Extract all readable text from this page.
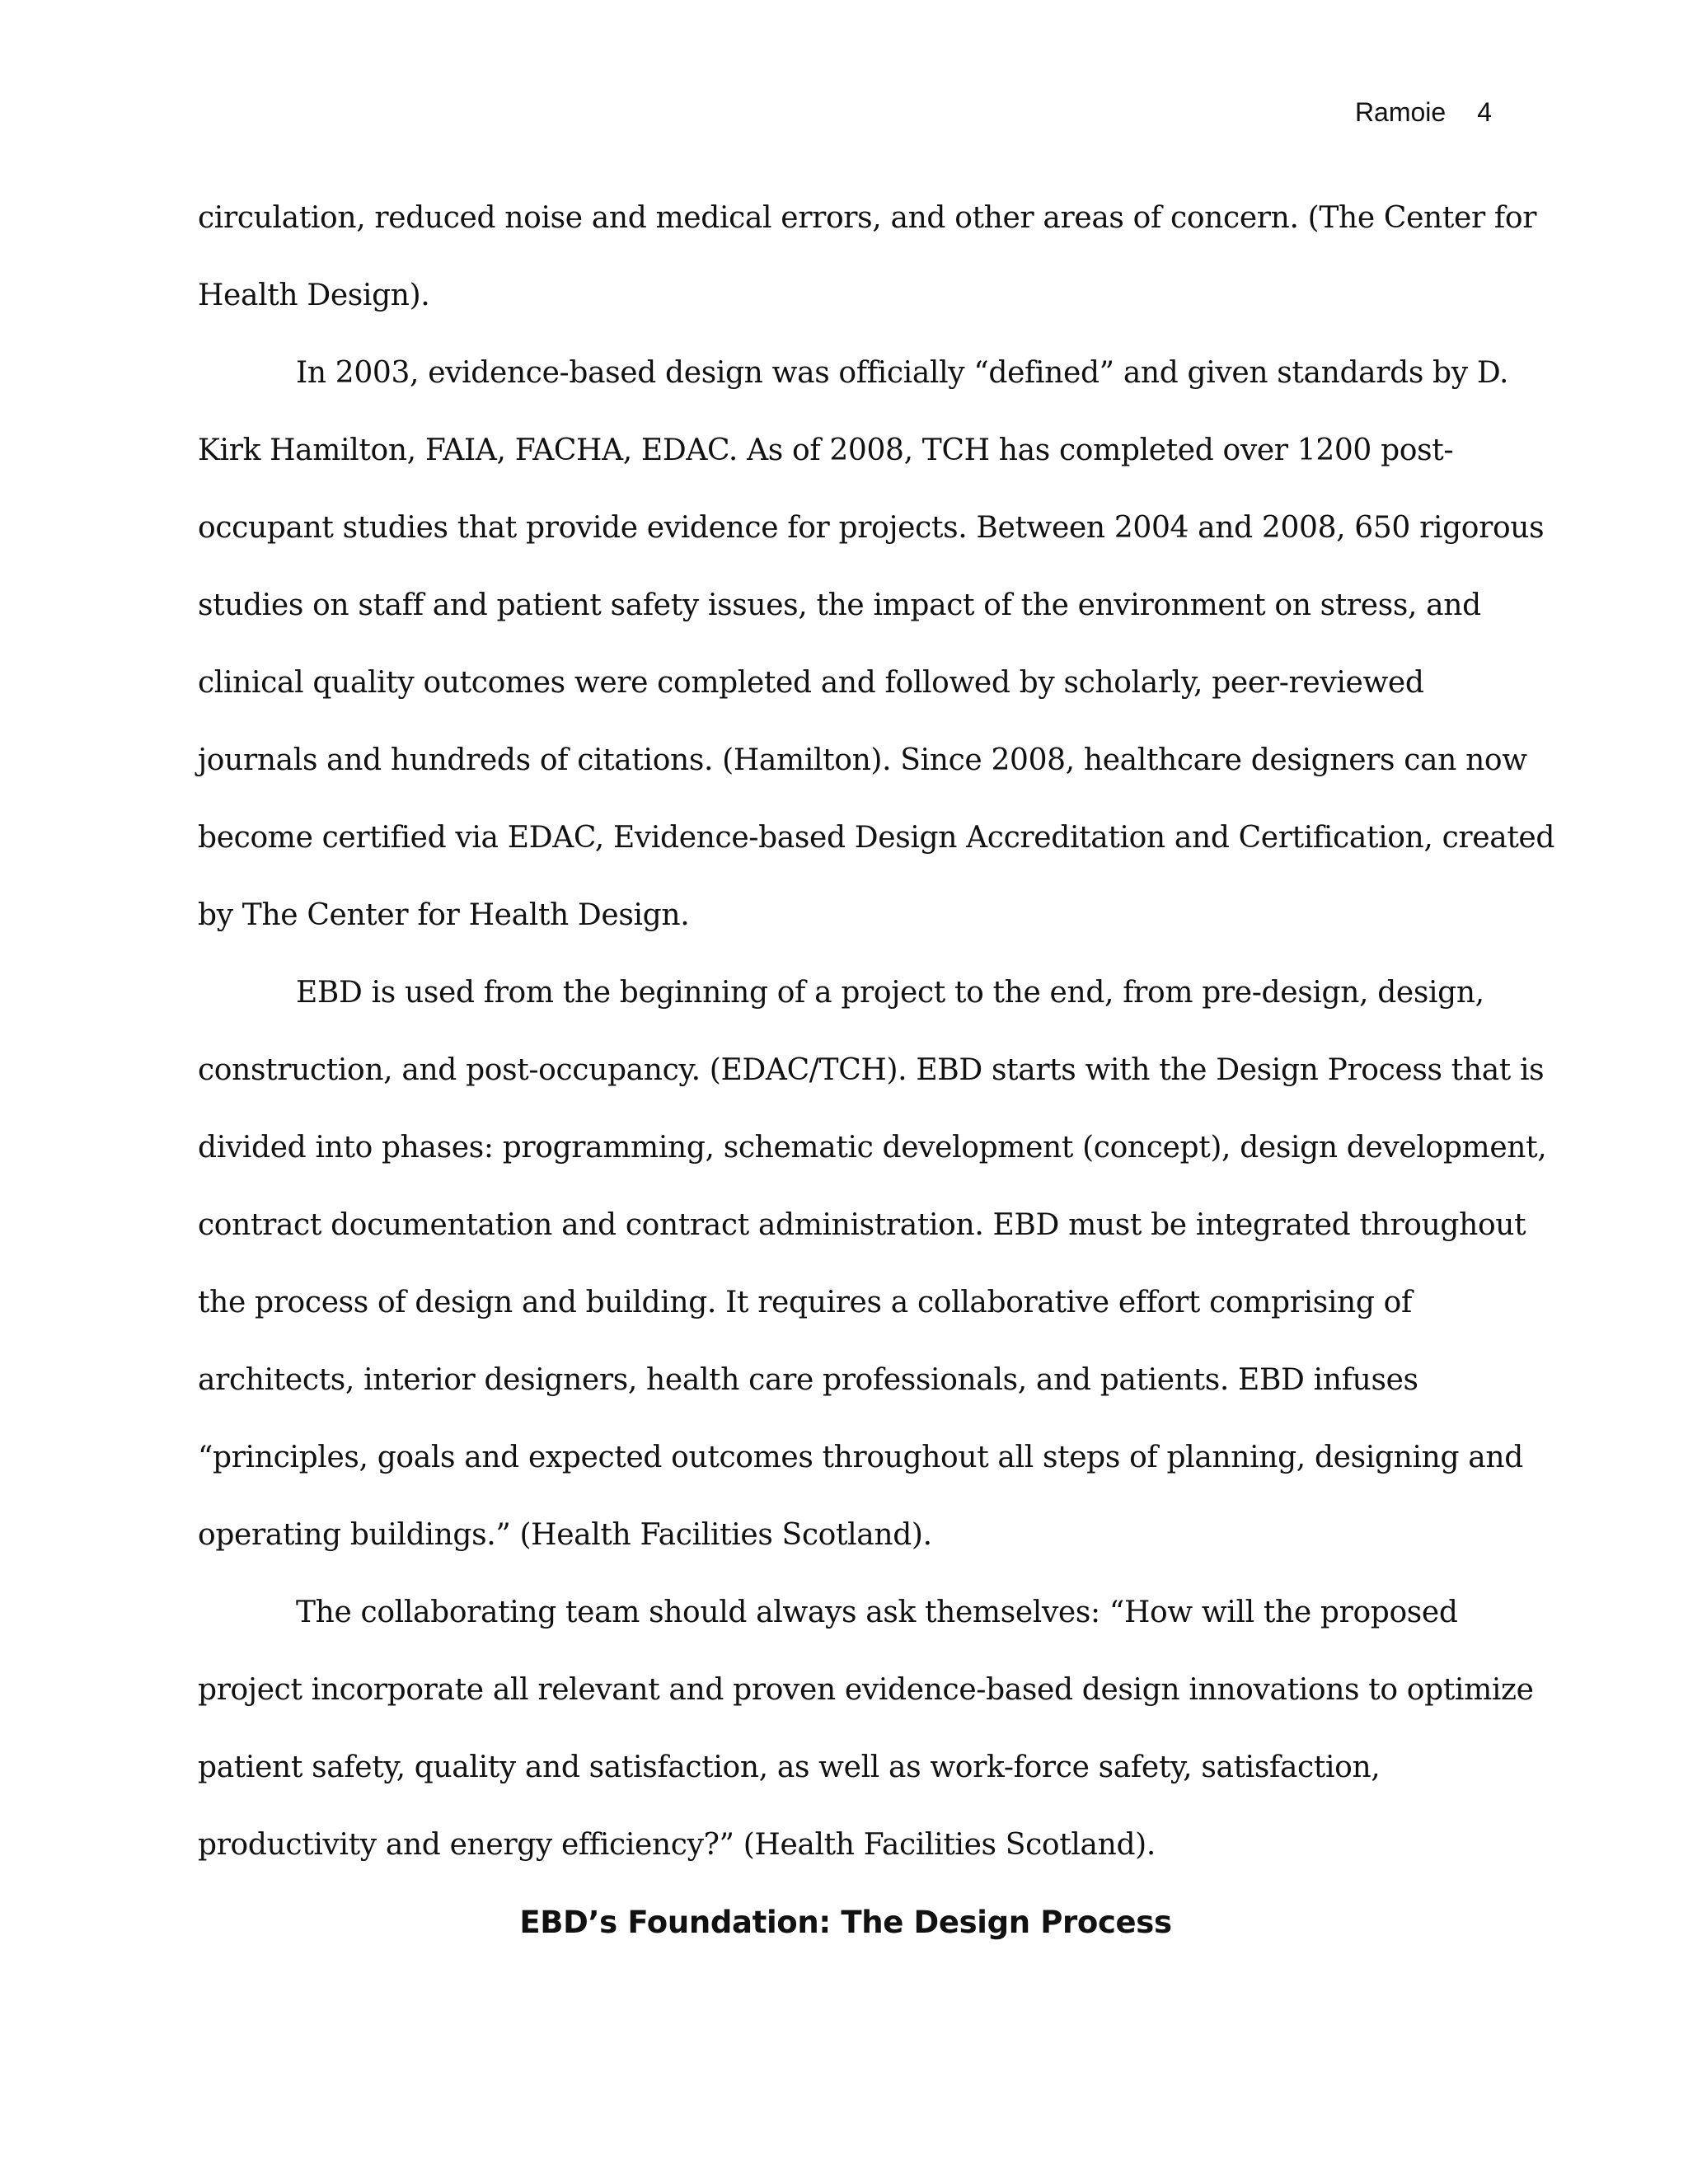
Ramoie 4
circulation, reduced noise and medical errors, and other areas of concern. (The Center for
Health Design).
In 2003, evidence-based design was officially “defined” and given standards by D.
Kirk Hamilton, FAIA, FACHA, EDAC. As of 2008, TCH has completed over 1200 post-
occupant studies that provide evidence for projects. Between 2004 and 2008, 650 rigorous
studies on staff and patient safety issues, the impact of the environment on stress, and
clinical quality outcomes were completed and followed by scholarly, peer-reviewed
journals and hundreds of citations. (Hamilton). Since 2008, healthcare designers can now
become certified via EDAC, Evidence-based Design Accreditation and Certification, created
by The Center for Health Design.
EBD is used from the beginning of a project to the end, from pre-design, design,
construction, and post-occupancy. (EDAC/TCH). EBD starts with the Design Process that is
divided into phases: programming, schematic development (concept), design development,
contract documentation and contract administration. EBD must be integrated throughout
the process of design and building. It requires a collaborative effort comprising of
architects, interior designers, health care professionals, and patients. EBD infuses
“principles, goals and expected outcomes throughout all steps of planning, designing and
operating buildings.” (Health Facilities Scotland).
The collaborating team should always ask themselves: “How will the proposed
project incorporate all relevant and proven evidence-based design innovations to optimize
patient safety, quality and satisfaction, as well as work-force safety, satisfaction,
productivity and energy efficiency?” (Health Facilities Scotland).
EBD’s Foundation: The Design Process
